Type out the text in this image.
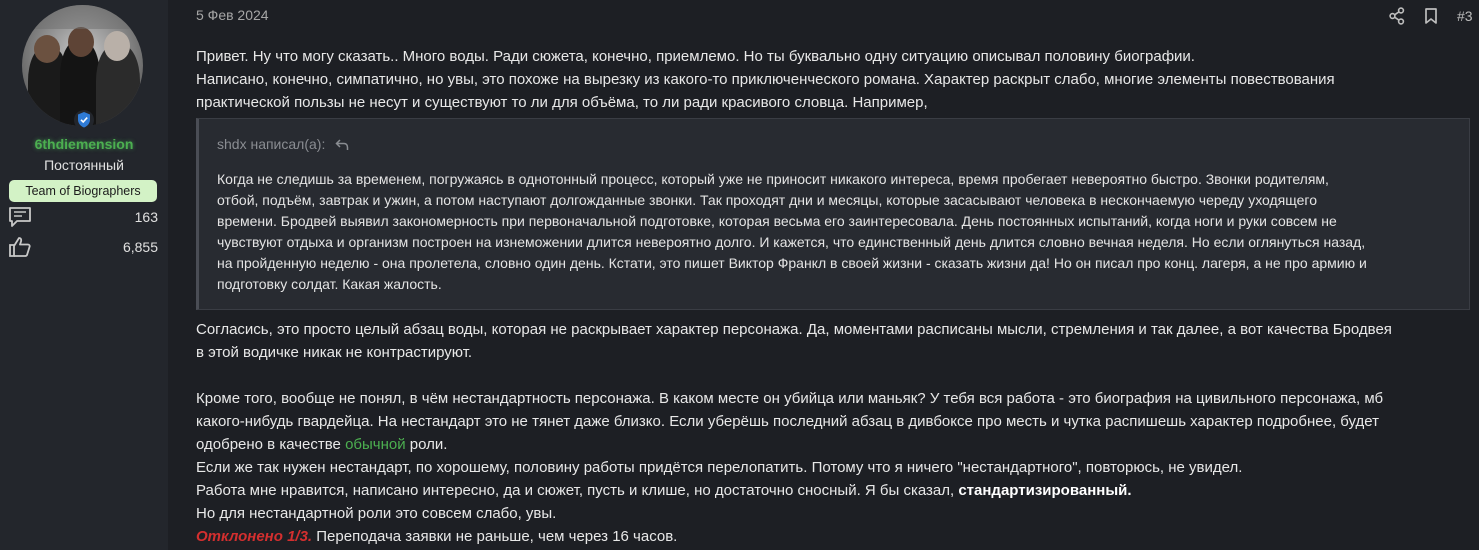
6thdiemension
Постоянный
Team of Biographers
163
6,855
5 Фев 2024	#3
Привет. Ну что могу сказать.. Много воды. Ради сюжета, конечно, приемлемо. Но ты буквально одну ситуацию описывал половину биографии.
Написано, конечно, симпатично, но увы, это похоже на вырезку из какого-то приключенческого романа. Характер раскрыт слабо, многие элементы повествования
практической пользы не несут и существуют то ли для объёма, то ли ради красивого словца. Например,
shdx написал(а):
Когда не следишь за временем, погружаясь в однотонный процесс, который уже не приносит никакого интереса, время пробегает невероятно быстро. Звонки родителям,
отбой, подъём, завтрак и ужин, а потом наступают долгожданные звонки. Так проходят дни и месяцы, которые засасывают человека в нескончаемую череду уходящего
времени. Бродвей выявил закономерность при первоначальной подготовке, которая весьма его заинтересовала. День постоянных испытаний, когда ноги и руки совсем не
чувствуют отдыха и организм построен на изнеможении длится невероятно долго. И кажется, что единственный день длится словно вечная неделя. Но если оглянуться назад,
на пройденную неделю - она пролетела, словно один день. Кстати, это пишет Виктор Франкл в своей жизни - сказать жизни да! Но он писал про конц. лагеря, а не про армию и
подготовку солдат. Какая жалость.
Согласись, это просто целый абзац воды, которая не раскрывает характер персонажа. Да, моментами расписаны мысли, стремления и так далее, а вот качества Бродвея
в этой водичке никак не контрастируют.
Кроме того, вообще не понял, в чём нестандартность персонажа. В каком месте он убийца или маньяк? У тебя вся работа - это биография на цивильного персонажа, мб
какого-нибудь гвардейца. На нестандарт это не тянет даже близко. Если уберёшь последний абзац в дивбоксе про месть и чутка распишешь характер подробнее, будет
одобрено в качестве обычной роли.
Если же так нужен нестандарт, по хорошему, половину работы придётся перелопатить. Потому что я ничего "нестандартного", повторюсь, не увидел.
Работа мне нравится, написано интересно, да и сюжет, пусть и клише, но достаточно сносный. Я бы сказал, стандартизированный.
Но для нестандартной роли это совсем слабо, увы.
Отклонено 1/3. Переподача заявки не раньше, чем через 16 часов.
